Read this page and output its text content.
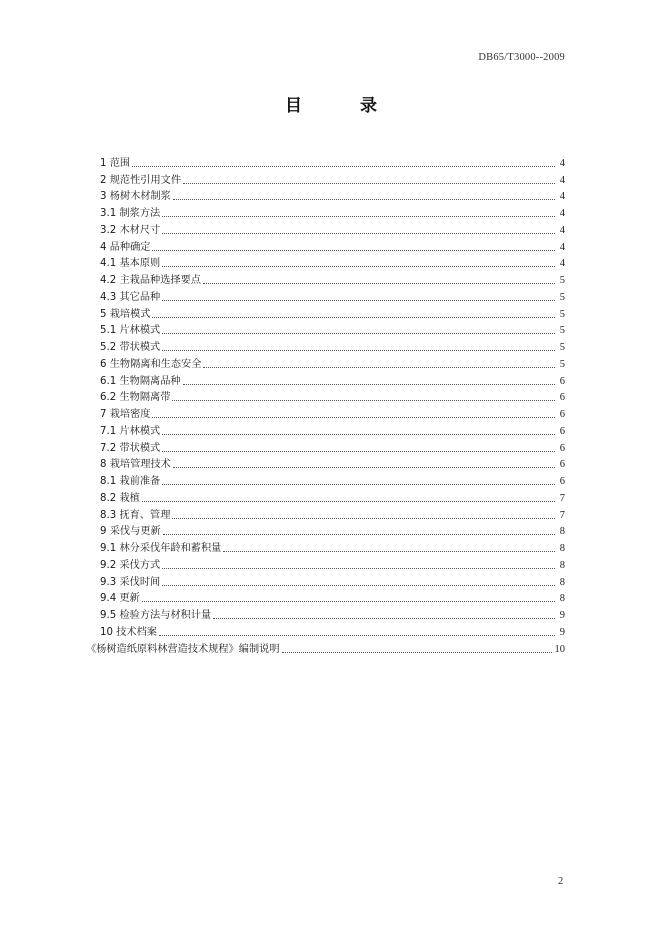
DB65/T3000--2009
目 录
1 范围	4
2 规范性引用文件	4
3 杨树木材制浆	4
3.1 制浆方法	4
3.2 木材尺寸	4
4 品种确定	4
4.1 基本原则	4
4.2 主栽品种选择要点	5
4.3 其它品种	5
5 栽培模式	5
5.1 片林模式	5
5.2 带状模式	5
6 生物隔离和生态安全	5
6.1 生物隔离品种	6
6.2 生物隔离带	6
7 栽培密度	6
7.1 片林模式	6
7.2 带状模式	6
8 栽培管理技术	6
8.1 栽前准备	6
8.2 栽植	7
8.3 抚育、管理	7
9 采伐与更新	8
9.1 林分采伐年龄和蓄积量	8
9.2 采伐方式	8
9.3 采伐时间	8
9.4 更新	8
9.5 检验方法与材积计量	9
10 技术档案	9
《杨树造纸原料林营造技术规程》编制说明	10
2
